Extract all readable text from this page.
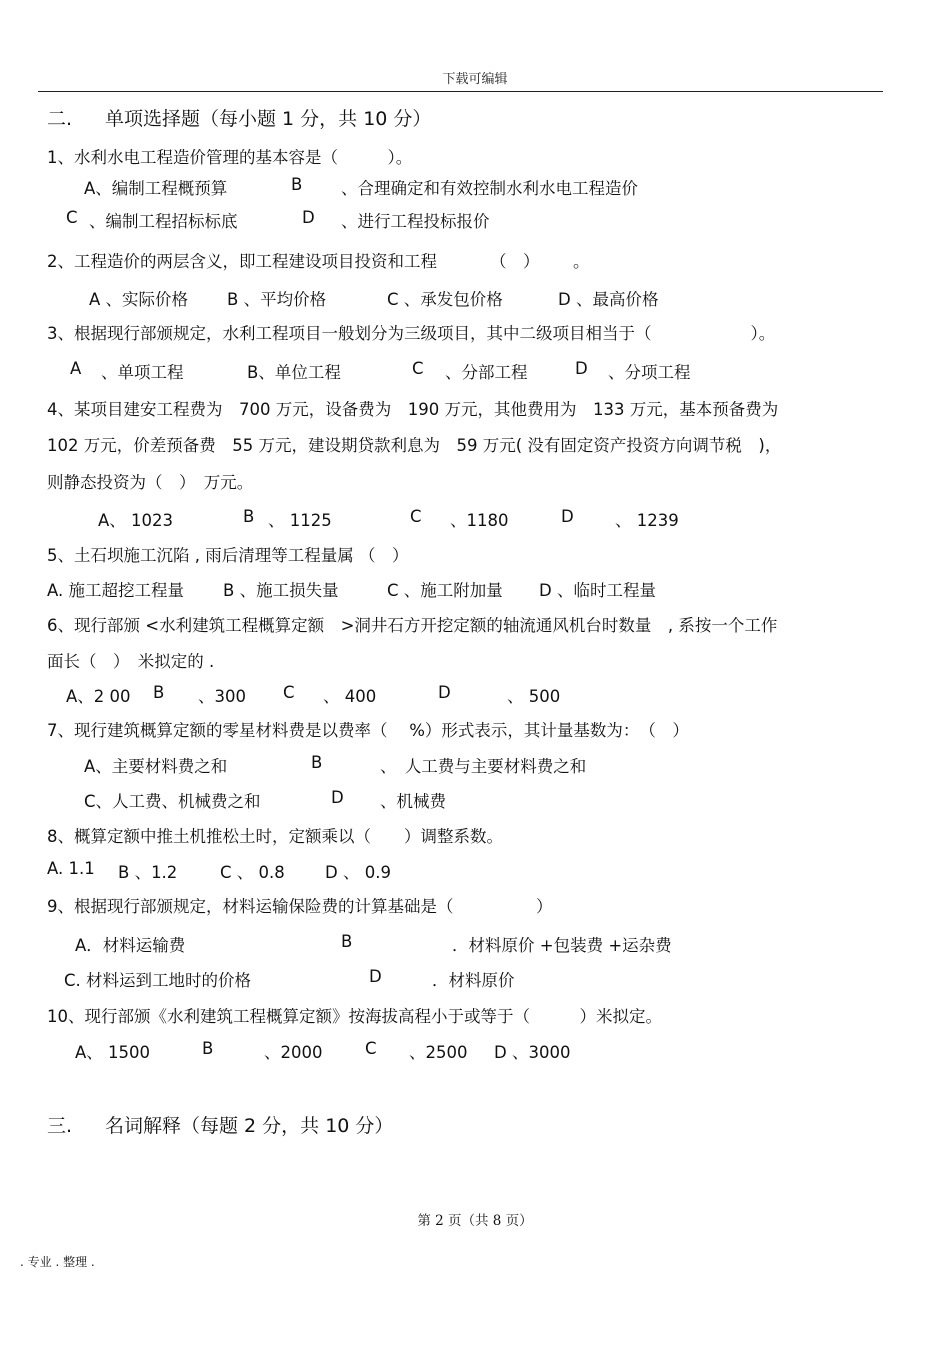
下载可编辑
二. 单项选择题（每小题 1 分，共 10 分）
1、水利水电工程造价管理的基本容是（　　　）。
A、编制工程概预算	B 、合理确定和有效控制水利水电工程造价
C 、编制工程招标标底	D 、进行工程投标报价
2、工程造价的两层含义，即工程建设项目投资和工程	（　） 。
A 、实际价格 B 、平均价格	C 、承发包价格	D 、最高价格
3、根据现行部颁规定，水利工程项目一般划分为三级项目，其中二级项目相当于（　　　　　　）。
A 、单项工程	B、单位工程	C 、分部工程	D 、分项工程
4、某项目建安工程费为　700 万元，设备费为　190 万元，其他费用为　133 万元，基本预备费为
102 万元，价差预备费　55 万元，建设期贷款利息为　59 万元( 没有固定资产投资方向调节税　)，
则静态投资为（　）　万元。
A、 1023	B 、 1125	C 、1180	D	、 1239
5、土石坝施工沉陷 , 雨后清理等工程量属 （　）
A. 施工超挖工程量 B 、施工损失量	C 、施工附加量 D 、临时工程量
6、现行部颁 <水利建筑工程概算定额　>洞井石方开挖定额的轴流通风机台时数量　, 系按一个工作
面长（　）　米拟定的 .
A、2 00 B 、300 C 、 400	D	、 500
7、现行建筑概算定额的零星材料费是以费率（　 %）形式表示，其计量基数为：　（　）
A、主要材料费之和	B	、　人工费与主要材料费之和
C、人工费、机械费之和	D 、机械费
8、概算定额中推土机推松土时，定额乘以（　　）调整系数。
A. 1.1 B 、1.2	C 、 0.8 D 、 0.9
9、根据现行部颁规定，材料运输保险费的计算基础是（　　　　　）
A．材料运输费	B	．材料原价 +包装费 +运杂费
C. 材料运到工地时的价格	D	．材料原价
10、现行部颁《水利建筑工程概算定额》按海拔高程小于或等于（　　　）米拟定。
A、 1500	B	、2000	C 、2500 D 、3000
三. 名词解释（每题 2 分，共 10 分）
第 2 页（共 8 页）
. 专业 . 整理 .
